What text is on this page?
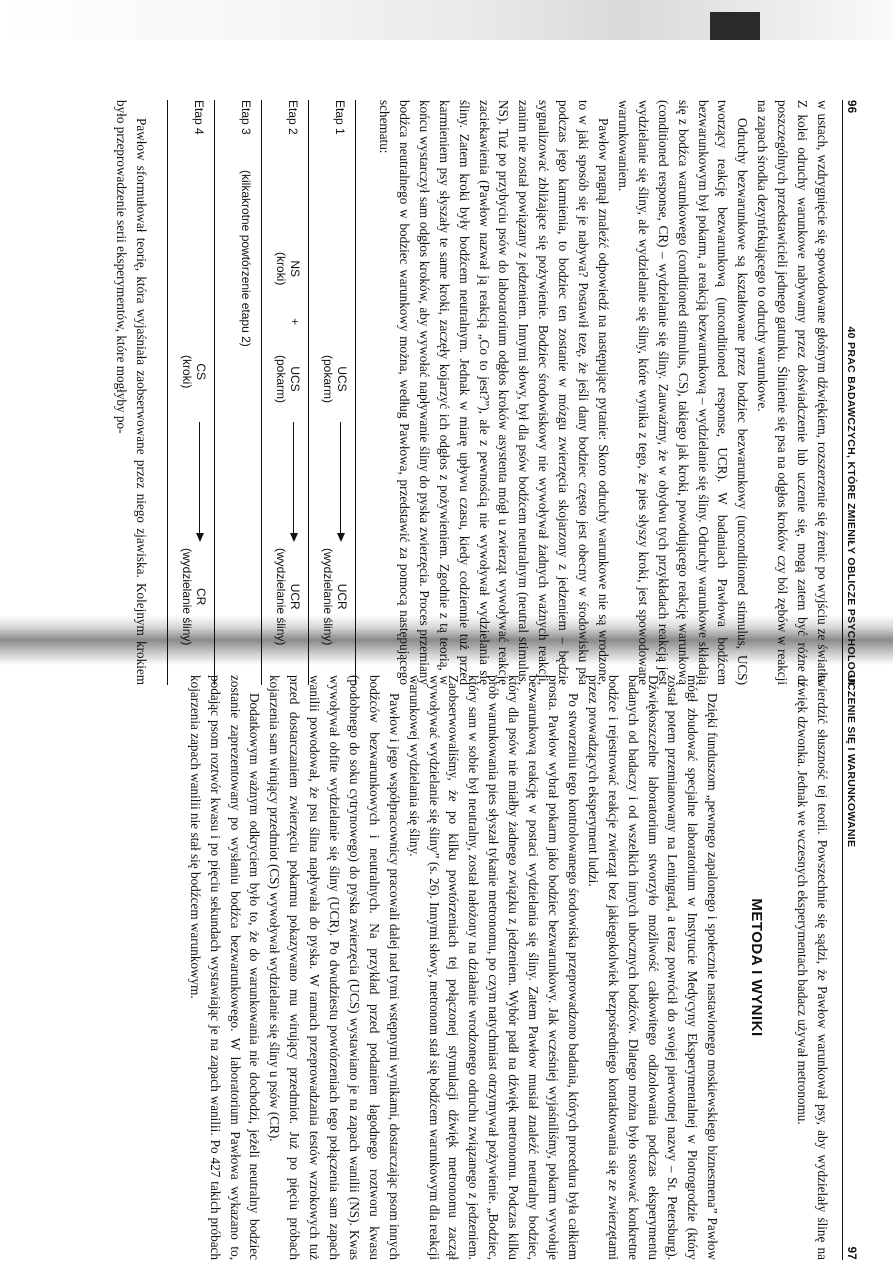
96
40 PRAC BADAWCZYCH, KTÓRE ZMIENIŁY OBLICZE PSYCHOLOGII

w ustach, wzdrygnięcie się spowodowane głośnym dźwiękiem, rozszerzenie się źrenic po wyjściu ze światła. Z kolei odruchy warunkowe nabywamy przez doświadczenie lub uczenie się, mogą zatem być różne u poszczególnych przedstawicieli jednego gatunku. Ślinienie się psa na odgłos kroków czy ból zębów w reakcji na zapach środka dezynfekującego to odruchy warunkowe.

Odruchy bezwarunkowe są kształtowane przez bodziec bezwarunkowy (unconditioned stimulus, UCS) tworzący reakcję bezwarunkową (unconditioned response, UCR). W badaniach Pawłowa bodźcem bezwarunkowym był pokarm, a reakcją bezwarunkową – wydzielanie się śliny. Odruchy warunkowe składają się z bodźca warunkowego (conditioned stimulus, CS), takiego jak kroki, powodującego reakcję warunkową (conditioned response, CR) – wydzielanie się śliny. Zauważmy, że w obydwu tych przykładach reakcją jest wydzielanie się śliny, ale wydzielanie się śliny, które wynika z tego, że pies słyszy kroki, jest spowodowane warunkowaniem.

Pawłow pragnął znaleźć odpowiedź na następujące pytanie: Skoro odruchy warunkowe nie są wrodzone, to w jaki sposób się je nabywa? Postawił tezę, że jeśli dany bodziec często jest obecny w środowisku psa podczas jego karmienia, to bodziec ten zostanie w mózgu zwierzęcia skojarzony z jedzeniem – będzie sygnalizować zbliżające się pożywienie. Bodziec środowiskowy nie wywoływał żadnych ważnych reakcji, zanim nie został powiązany z jedzeniem. Innymi słowy, był dla psów bodźcem neutralnym (neutral stimulus, NS). Tuż po przybyciu psów do laboratorium odgłos kroków asystenta mógł u zwierząt wywoływać reakcję zaciekawienia (Pawłow nazwał ją reakcją „Co to jest?”), ale z pewnością nie wywoływał wydzielania się śliny. Zatem kroki były bodźcem neutralnym. Jednak w miarę upływu czasu, kiedy codziennie tuż przed karmieniem psy słyszały te same kroki, zaczęły kojarzyć ich odgłos z pożywieniem. Zgodnie z tą teorią, w końcu wystarczył sam odgłos kroków, aby wywołać napływanie śliny do pyska zwierzęcia. Proces przemiany bodźca neutralnego w bodziec warunkowy można, według Pawłowa, przedstawić za pomocą następującego schematu:

Etap 1
UCS
(pokarm)
UCR
(wydzielanie śliny)
Etap 2
NS
(kroki)
+
UCS
(pokarm)
UCR
(wydzielanie śliny)
Etap 3
(kilkakrotne powtórzenie etapu 2)
Etap 4
CS
(kroki)
CR
(wydzielanie śliny)

Pawłow sformułował teorię, która wyjaśniała zaobserwowane przez niego zjawiska. Kolejnym krokiem było przeprowadzenie serii eksperymentów, które mogłyby po-

UCZENIE SIĘ I WARUNKOWANIE
97

twierdzić słuszność tej teorii. Powszechnie się sądzi, że Pawłow warunkował psy, aby wydzielały ślinę na dźwięk dzwonka. Jednak we wczesnych eksperymentach badacz używał metronomu.

METODA I WYNIKI

Dzięki funduszom „pewnego zapalonego i społecznie nastawionego moskiewskiego biznesmena” Pawłow mógł zbudować specjalne laboratorium w Instytucie Medycyny Eksperymentalnej w Piotrogrodzie (który został potem przemianowany na Leningrad, a teraz powrócił do swojej pierwotnej nazwy – St. Petersburg). Dźwiękoszczelne laboratorium stworzyło możliwość całkowitego odizolowania podczas eksperymentu badanych od badaczy i od wszelkich innych ubocznych bodźców. Dlatego można było stosować konkretne bodźce i rejestrować reakcje zwierząt bez jakiegokolwiek bezpośredniego kontaktowania się ze zwierzętami przez prowadzących eksperyment ludzi.

Po stworzeniu tego kontrolowanego środowiska przeprowadzono badania, których procedura była całkiem prosta. Pawłow wybrał pokarm jako bodziec bezwarunkowy. Jak wcześniej wyjaśniliśmy, pokarm wywołuje bezwarunkową reakcję w postaci wydzielania się śliny. Zatem Pawłow musiał znaleźć neutralny bodziec, który dla psów nie miałby żadnego związku z jedzeniem. Wybór padł na dźwięk metronomu. Podczas kilku prób warunkowania pies słyszał tykanie metronomu, po czym natychmiast otrzymywał pożywienie. „Bodziec, który sam w sobie był neutralny, został nałożony na działanie wrodzonego odruchu związanego z jedzeniem. Zaobserwowaliśmy, że po kilku powtórzeniach tej połączonej stymulacji dźwięk metronomu zaczął wywoływać wydzielanie się śliny” (s. 26). Innymi słowy, metronom stał się bodźcem warunkowym dla reakcji warunkowej wydzielania się śliny.

Pawłow i jego współpracownicy pracowali dalej nad tymi wstępnymi wynikami, dostarczając psom innych bodźców bezwarunkowych i neutralnych. Na przykład przed podaniem łagodnego roztworu kwasu (podobnego do soku cytrynowego) do pyska zwierzęcia (UCS) wystawiano je na zapach wanilii (NS). Kwas wywoływał obfite wydzielanie się śliny (UCR). Po dwudziestu powtórzeniach tego połączenia sam zapach wanilii powodował, że psu ślina napływała do pyska. W ramach przeprowadzania testów wzrokowych tuż przed dostarczaniem zwierzęciu pokarmu pokazywano mu wirujący przedmiot. Już po pięciu próbach kojarzenia sam wirujący przedmiot (CS) wywoływał wydzielanie się śliny u psów (CR).

Dodatkowym ważnym odkryciem było to, że do warunkowania nie dochodzi, jeżeli neutralny bodziec zostanie zaprezentowany po wysłaniu bodźca bezwarunkowego. W laboratorium Pawłowa wykazano to, podając psom roztwór kwasu i po pięciu sekundach wystawiając je na zapach wanilii. Po 427 takich próbach kojarzenia zapach wanilii nie stał się bodźcem warunkowym.
